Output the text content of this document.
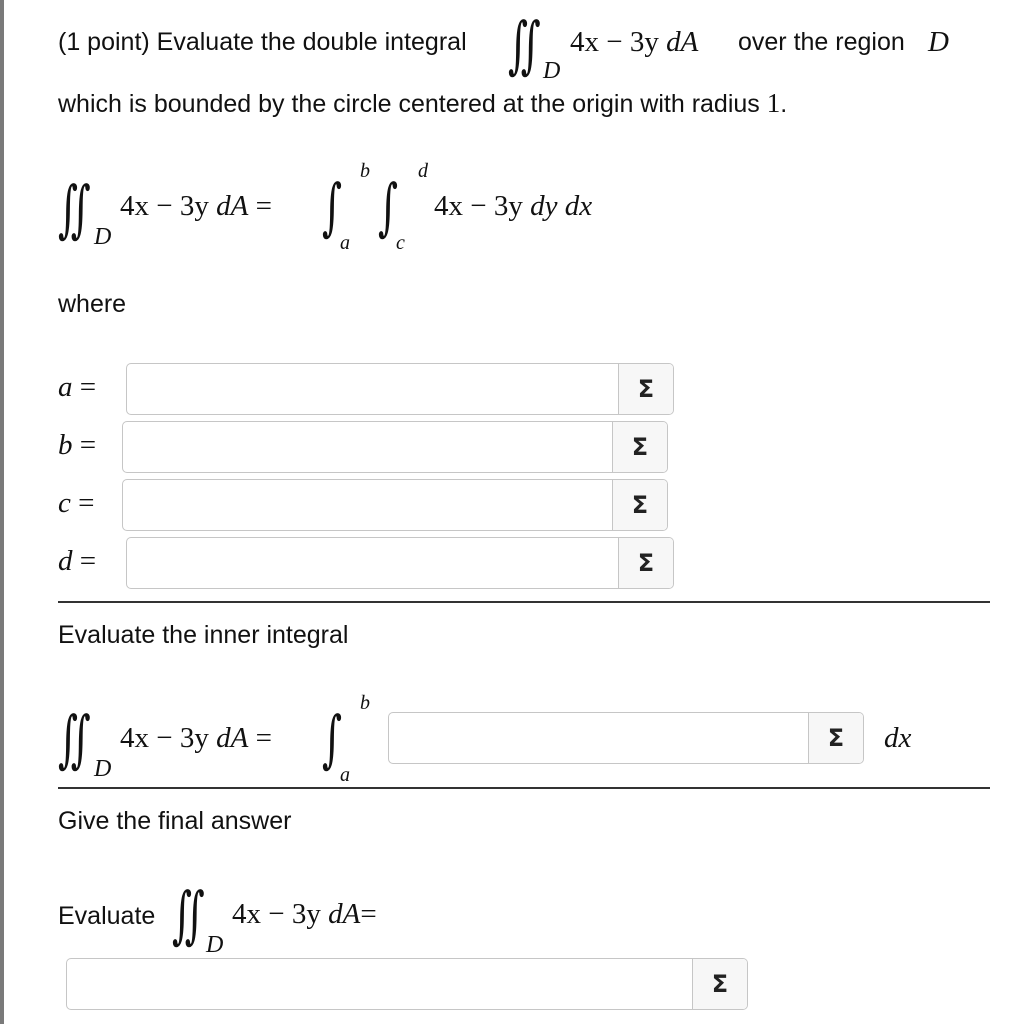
(1 point) Evaluate the double integral ∬ D
4x − 3y dA over the region D
which is bounded by the circle centered at the origin with radius 1.
∬ D
4x − 3y dA = ∫ b
a ∫ d
c
4x − 3y dy dx
where
a =	Σ
b =	Σ
c =	Σ
d =	Σ
Evaluate the inner integral
∬ D
4x − 3y dA = ∫ b
a
Σ	dx
Give the final answer
Evaluate ∬ D
4x − 3y dA=
Σ
